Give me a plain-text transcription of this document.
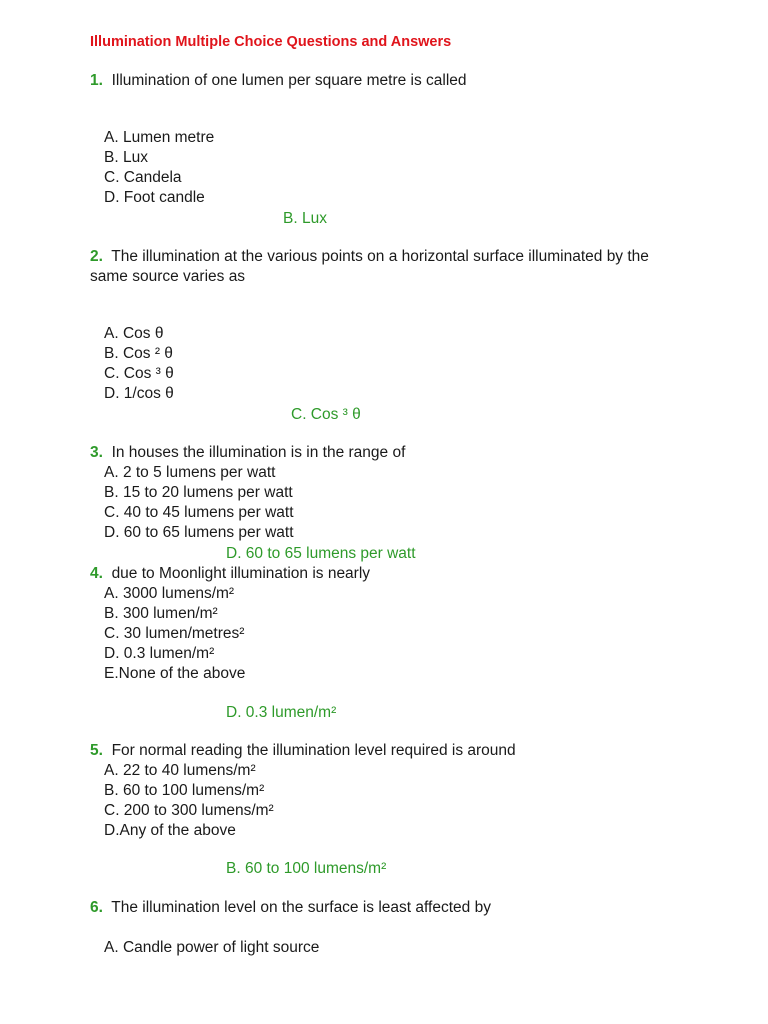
Illumination Multiple Choice Questions and Answers
1. Illumination of one lumen per square metre is called
A. Lumen metre
B. Lux
C. Candela
D. Foot candle
B. Lux
2. The illumination at the various points on a horizontal surface illuminated by the same source varies as
A. Cos θ
B. Cos ² θ
C. Cos ³ θ
D. 1/cos θ
C. Cos ³ θ
3. In houses the illumination is in the range of
A. 2 to 5 lumens per watt
B. 15 to 20 lumens per watt
C. 40 to 45 lumens per watt
D. 60 to 65 lumens per watt
D. 60 to 65 lumens per watt
4. due to Moonlight illumination is nearly
A. 3000 lumens/m²
B. 300 lumen/m²
C. 30 lumen/metres²
D. 0.3 lumen/m²
E.None of the above
D. 0.3 lumen/m²
5. For normal reading the illumination level required is around
A. 22 to 40 lumens/m²
B. 60 to 100 lumens/m²
C. 200 to 300 lumens/m²
D.Any of the above
B. 60 to 100 lumens/m²
6. The illumination level on the surface is least affected by
A. Candle power of light source
